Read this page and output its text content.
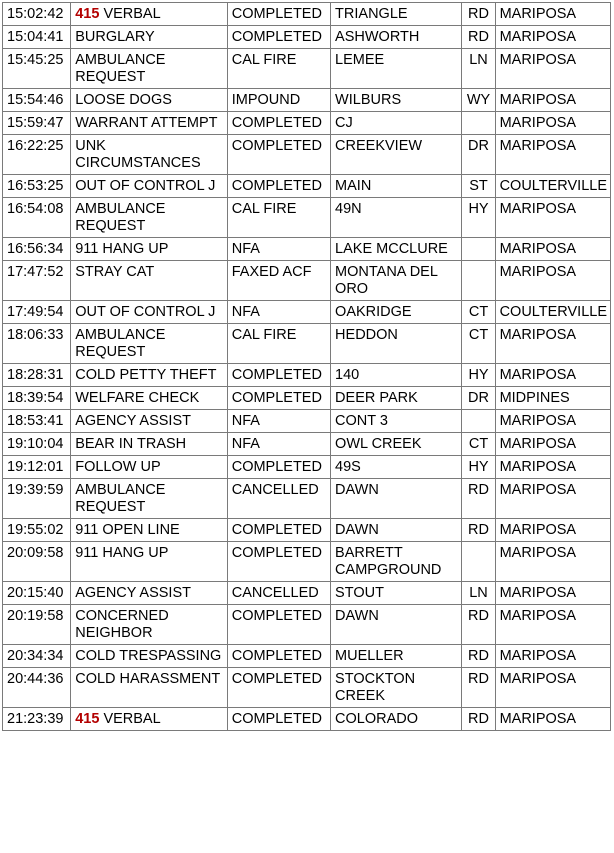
15:02:42	415 VERBAL	COMPLETED	TRIANGLE	RD	MARIPOSA
15:04:41	BURGLARY	COMPLETED	ASHWORTH	RD	MARIPOSA
15:45:25	AMBULANCE REQUEST	CAL FIRE	LEMEE	LN	MARIPOSA
15:54:46	LOOSE DOGS	IMPOUND	WILBURS	WY	MARIPOSA
15:59:47	WARRANT ATTEMPT	COMPLETED	CJ		MARIPOSA
16:22:25	UNK CIRCUMSTANCES	COMPLETED	CREEKVIEW	DR	MARIPOSA
16:53:25	OUT OF CONTROL J	COMPLETED	MAIN	ST	COULTERVILLE
16:54:08	AMBULANCE REQUEST	CAL FIRE	49N	HY	MARIPOSA
16:56:34	911 HANG UP	NFA	LAKE MCCLURE		MARIPOSA
17:47:52	STRAY CAT	FAXED ACF	MONTANA DEL ORO		MARIPOSA
17:49:54	OUT OF CONTROL J	NFA	OAKRIDGE	CT	COULTERVILLE
18:06:33	AMBULANCE REQUEST	CAL FIRE	HEDDON	CT	MARIPOSA
18:28:31	COLD PETTY THEFT	COMPLETED	140	HY	MARIPOSA
18:39:54	WELFARE CHECK	COMPLETED	DEER PARK	DR	MIDPINES
18:53:41	AGENCY ASSIST	NFA	CONT 3		MARIPOSA
19:10:04	BEAR IN TRASH	NFA	OWL CREEK	CT	MARIPOSA
19:12:01	FOLLOW UP	COMPLETED	49S	HY	MARIPOSA
19:39:59	AMBULANCE REQUEST	CANCELLED	DAWN	RD	MARIPOSA
19:55:02	911 OPEN LINE	COMPLETED	DAWN	RD	MARIPOSA
20:09:58	911 HANG UP	COMPLETED	BARRETT CAMPGROUND		MARIPOSA
20:15:40	AGENCY ASSIST	CANCELLED	STOUT	LN	MARIPOSA
20:19:58	CONCERNED NEIGHBOR	COMPLETED	DAWN	RD	MARIPOSA
20:34:34	COLD TRESPASSING	COMPLETED	MUELLER	RD	MARIPOSA
20:44:36	COLD HARASSMENT	COMPLETED	STOCKTON CREEK	RD	MARIPOSA
21:23:39	415 VERBAL	COMPLETED	COLORADO	RD	MARIPOSA
